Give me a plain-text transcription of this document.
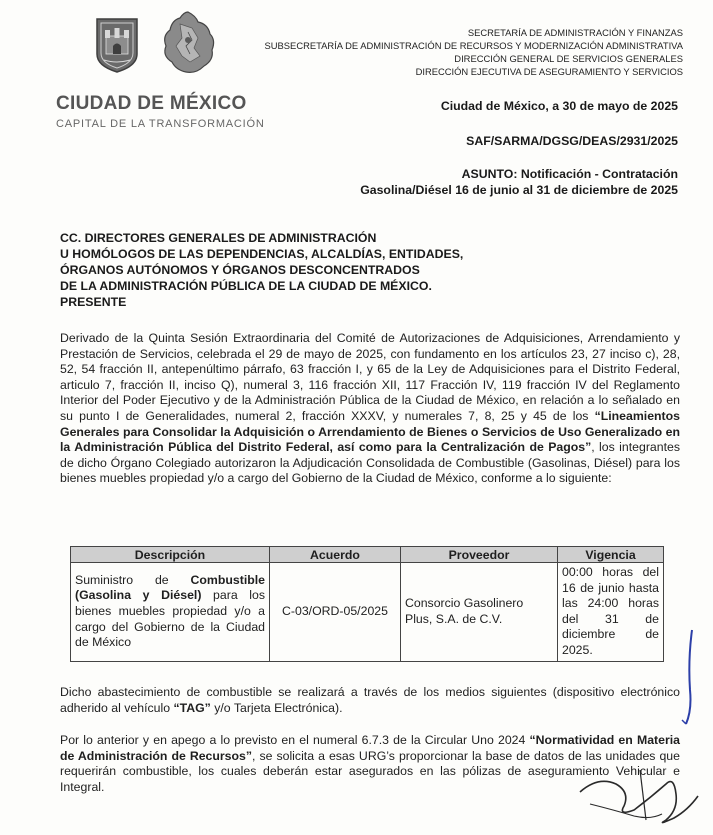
CIUDAD DE MÉXICO
CAPITAL DE LA TRANSFORMACIÓN
SECRETARÍA DE ADMINISTRACIÓN Y FINANZAS
SUBSECRETARÍA DE ADMINISTRACIÓN DE RECURSOS Y MODERNIZACIÓN ADMINISTRATIVA
DIRECCIÓN GENERAL DE SERVICIOS GENERALES
DIRECCIÓN EJECUTIVA DE ASEGURAMIENTO Y SERVICIOS
Ciudad de México, a 30 de mayo de 2025
SAF/SARMA/DGSG/DEAS/2931/2025
ASUNTO: Notificación - Contratación
Gasolina/Diésel 16 de junio al 31 de diciembre de 2025
CC. DIRECTORES GENERALES DE ADMINISTRACIÓN
U HOMÓLOGOS DE LAS DEPENDENCIAS, ALCALDÍAS, ENTIDADES,
ÓRGANOS AUTÓNOMOS Y ÓRGANOS DESCONCENTRADOS
DE LA ADMINISTRACIÓN PÚBLICA DE LA CIUDAD DE MÉXICO.
PRESENTE

Derivado de la Quinta Sesión Extraordinaria del Comité de Autorizaciones de Adquisiciones, Arrendamiento y Prestación de Servicios, celebrada el 29 de mayo de 2025, con fundamento en los artículos 23, 27 inciso c), 28, 52, 54 fracción II, antepenúltimo párrafo, 63 fracción I, y 65 de la Ley de Adquisiciones para el Distrito Federal, articulo 7, fracción II, inciso Q), numeral 3, 116 fracción XII, 117 Fracción IV, 119 fracción IV del Reglamento Interior del Poder Ejecutivo y de la Administración Pública de la Ciudad de México, en relación a lo señalado en su punto I de Generalidades, numeral 2, fracción XXXV, y numerales 7, 8, 25 y 45 de los “Lineamientos Generales para Consolidar la Adquisición o Arrendamiento de Bienes o Servicios de Uso Generalizado en la Administración Pública del Distrito Federal, así como para la Centralización de Pagos”, los integrantes de dicho Órgano Colegiado autorizaron la Adjudicación Consolidada de Combustible (Gasolinas, Diésel) para los bienes muebles propiedad y/o a cargo del Gobierno de la Ciudad de México, conforme a lo siguiente:

Descripción	Acuerdo	Proveedor	Vigencia
Suministro de Combustible (Gasolina y Diésel) para los bienes muebles propiedad y/o a cargo del Gobierno de la Ciudad de México	C-03/ORD-05/2025	Consorcio Gasolinero Plus, S.A. de C.V.	00:00 horas del 16 de junio hasta las 24:00 horas del 31 de diciembre de 2025.

Dicho abastecimiento de combustible se realizará a través de los medios siguientes (dispositivo electrónico adherido al vehículo “TAG” y/o Tarjeta Electrónica).

Por lo anterior y en apego a lo previsto en el numeral 6.7.3 de la Circular Uno 2024 “Normatividad en Materia de Administración de Recursos”, se solicita a esas URG’s proporcionar la base de datos de las unidades que requerirán combustible, los cuales deberán estar asegurados en las pólizas de aseguramiento Vehicular e Integral.
